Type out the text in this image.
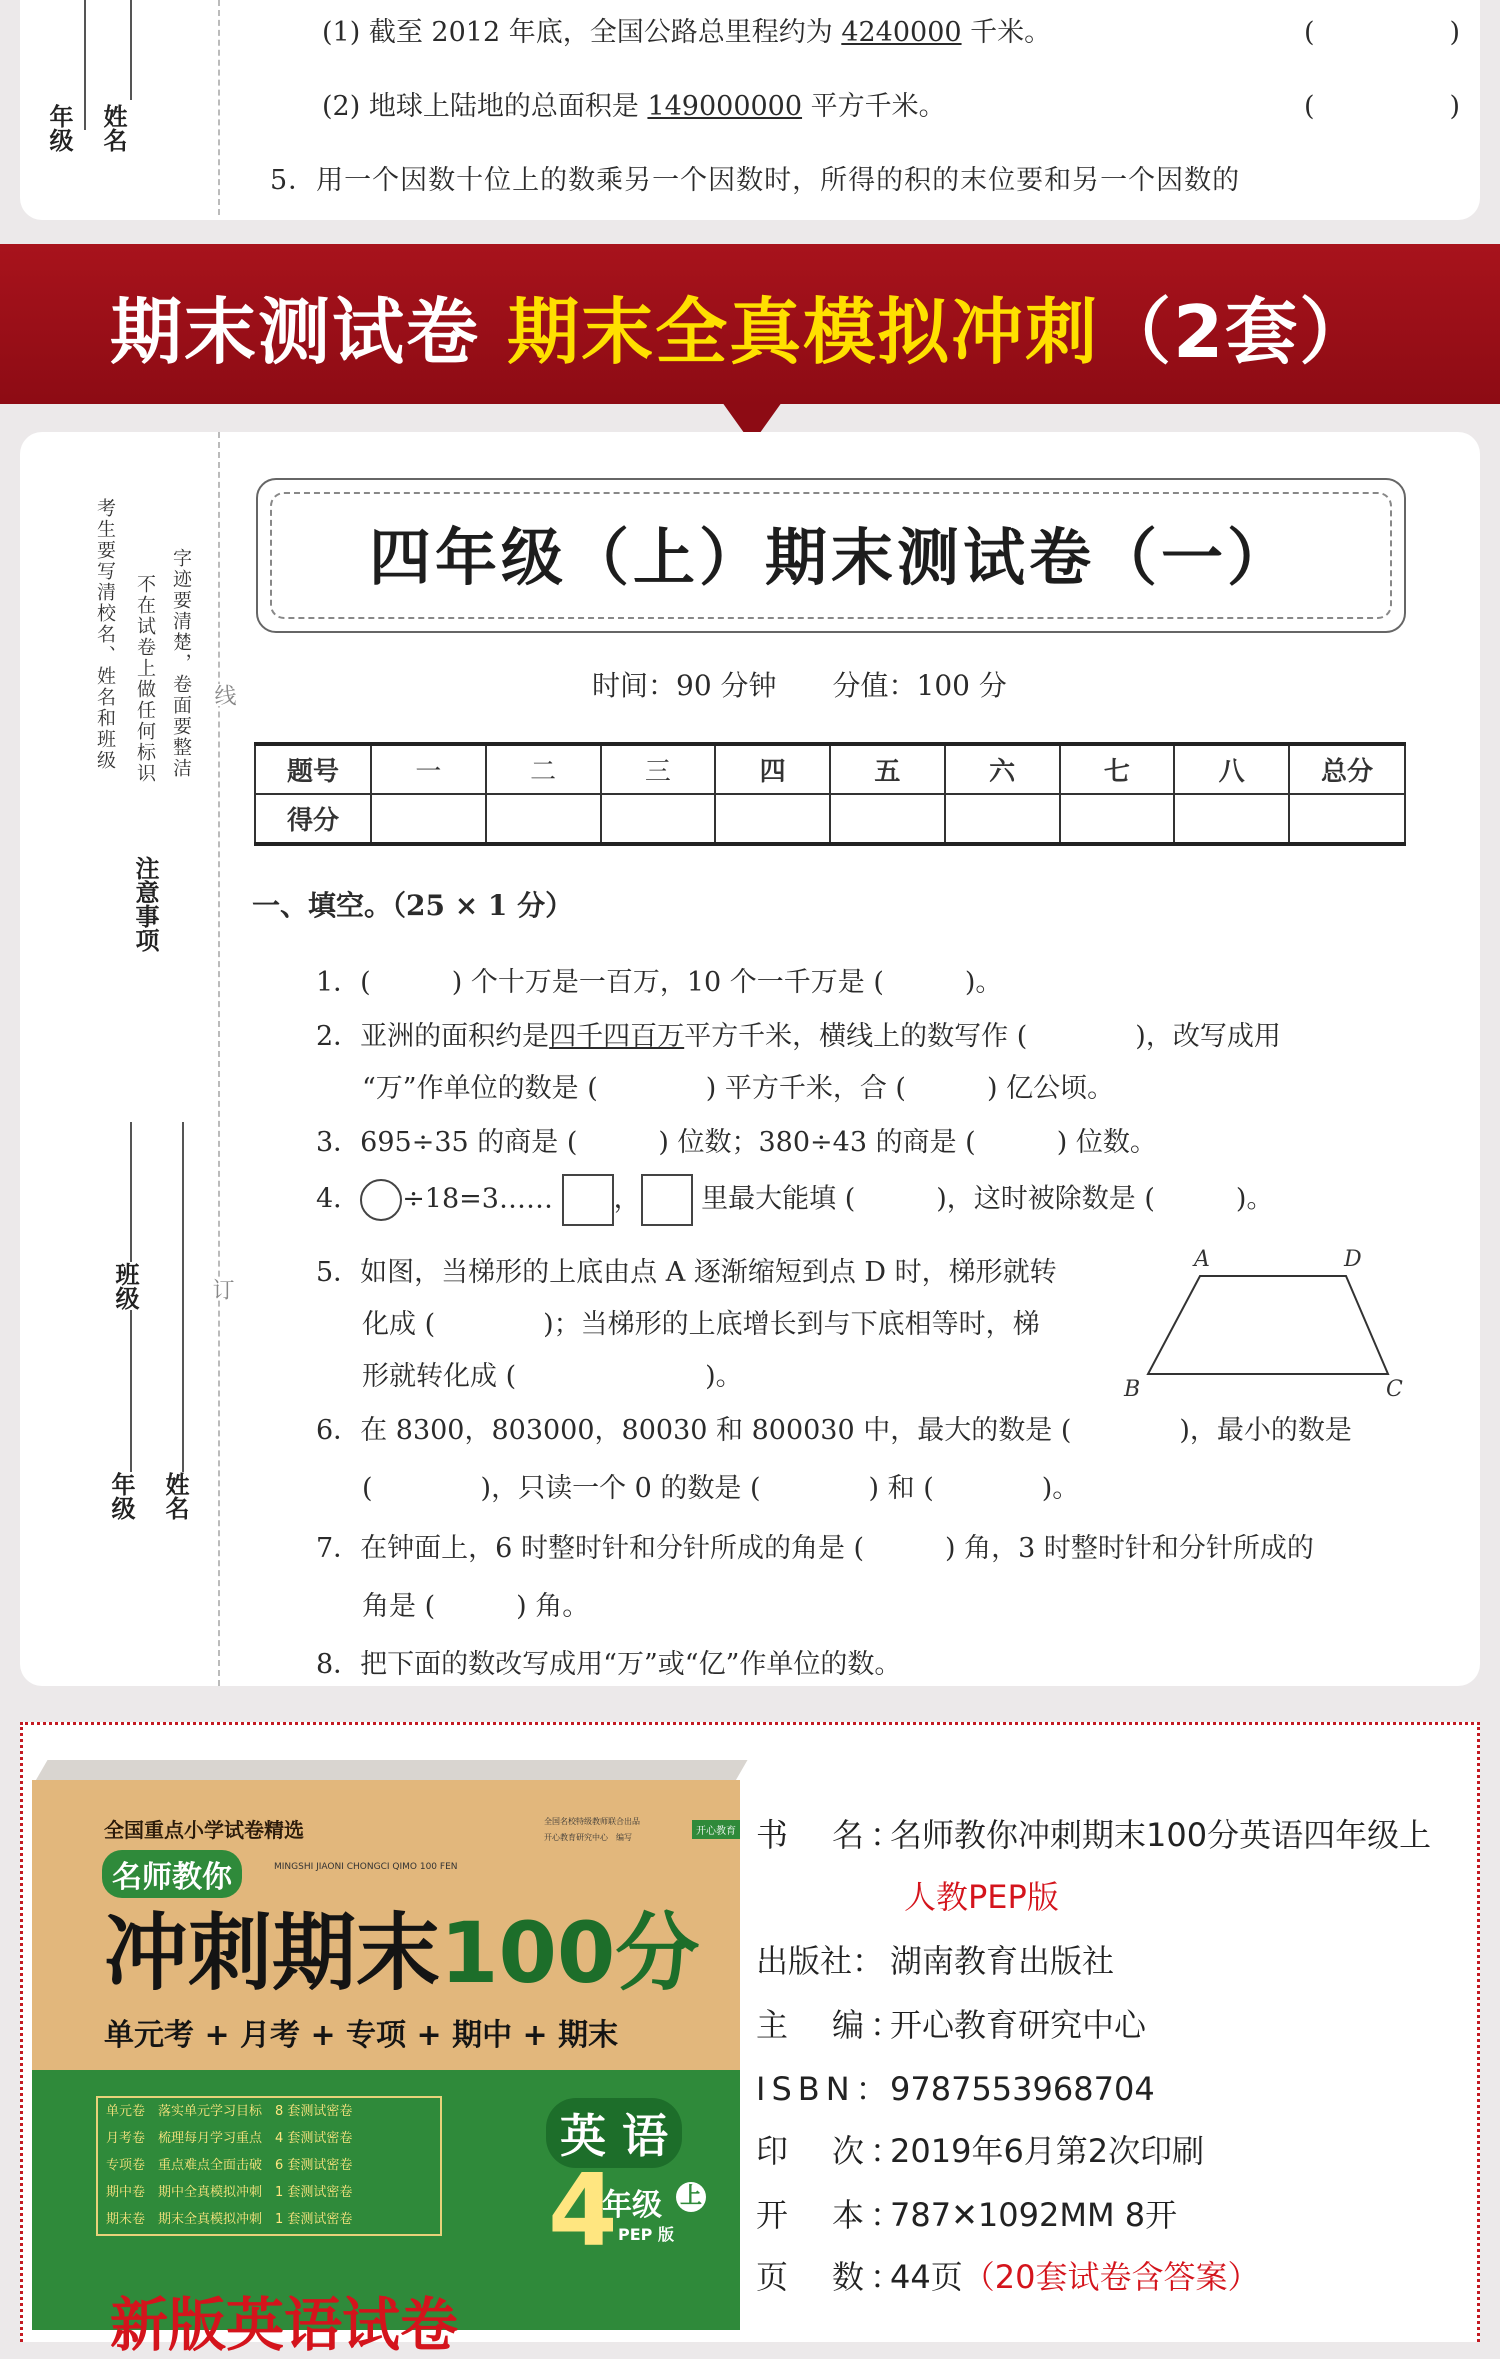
年级 姓名
(1) 截至 2012 年底，全国公路总里程约为 4240000 千米。	(　　　　　)
(2) 地球上陆地的总面积是 149000000 平方千米。	(　　　　　)
5．用一个因数十位上的数乘另一个因数时，所得的积的末位要和另一个因数的
期末测试卷 期末全真模拟冲刺（2套）
考生要写清校名、姓名和班级 不在试卷上做任何标识 字迹要清楚，卷面要整洁
注意事项
线
订
班级
年级 姓名
四年级（上）期末测试卷（一）
时间：90 分钟　　分值：100 分
题号	一	二	三	四	五	六	七	八	总分
得分									
一、填空。（25 × 1 分）
1．(　　　) 个十万是一百万，10 个一千万是 (　　　)。
2．亚洲的面积约是四千四百万平方千米，横线上的数写作 (　　　　)，改写成用
“万”作单位的数是 (　　　　) 平方千米，合 (　　　) 亿公顷。
3．695÷35 的商是 (　　　) 位数；380÷43 的商是 (　　　) 位数。
4． ÷18=3…… ， 里最大能填 (　　　)，这时被除数是 (　　　)。
5．如图，当梯形的上底由点 A 逐渐缩短到点 D 时，梯形就转
化成 (　　　　)；当梯形的上底增长到与下底相等时，梯
形就转化成 (　　　　　　　)。
A	D
B	C
6．在 8300，803000，80030 和 800030 中，最大的数是 (　　　　)，最小的数是
(　　　　)，只读一个 0 的数是 (　　　　) 和 (　　　　)。
7．在钟面上，6 时整时针和分针所成的角是 (　　　) 角，3 时整时针和分针所成的
角是 (　　　) 角。
8．把下面的数改写成用“万”或“亿”作单位的数。
全国重点小学试卷精选	全国名校特级教师联合出品
开心教育研究中心　编写
开心教育
名师教你	MINGSHI JIAONI CHONGCI QIMO 100 FEN
冲刺期末100分
单元考 + 月考 + 专项 + 期中 + 期末
单元卷　 落实单元学习目标　8 套测试密卷
月考卷　 梳理每月学习重点　4 套测试密卷
专项卷　 重点难点全面击破　6 套测试密卷
期中卷　 期中全真模拟冲刺　1 套测试密卷
期末卷　 期末全真模拟冲刺　1 套测试密卷
英 语
4
年级 上
PEP 版
书　名：名师教你冲刺期末100分英语四年级上
人教PEP版
出版社： 湖南教育出版社
主　编：开心教育研究中心
ISBN：9787553968704
印　次：2019年6月第2次印刷
开　本：787✕1092MM 8开
页　数：44页（20套试卷含答案）
